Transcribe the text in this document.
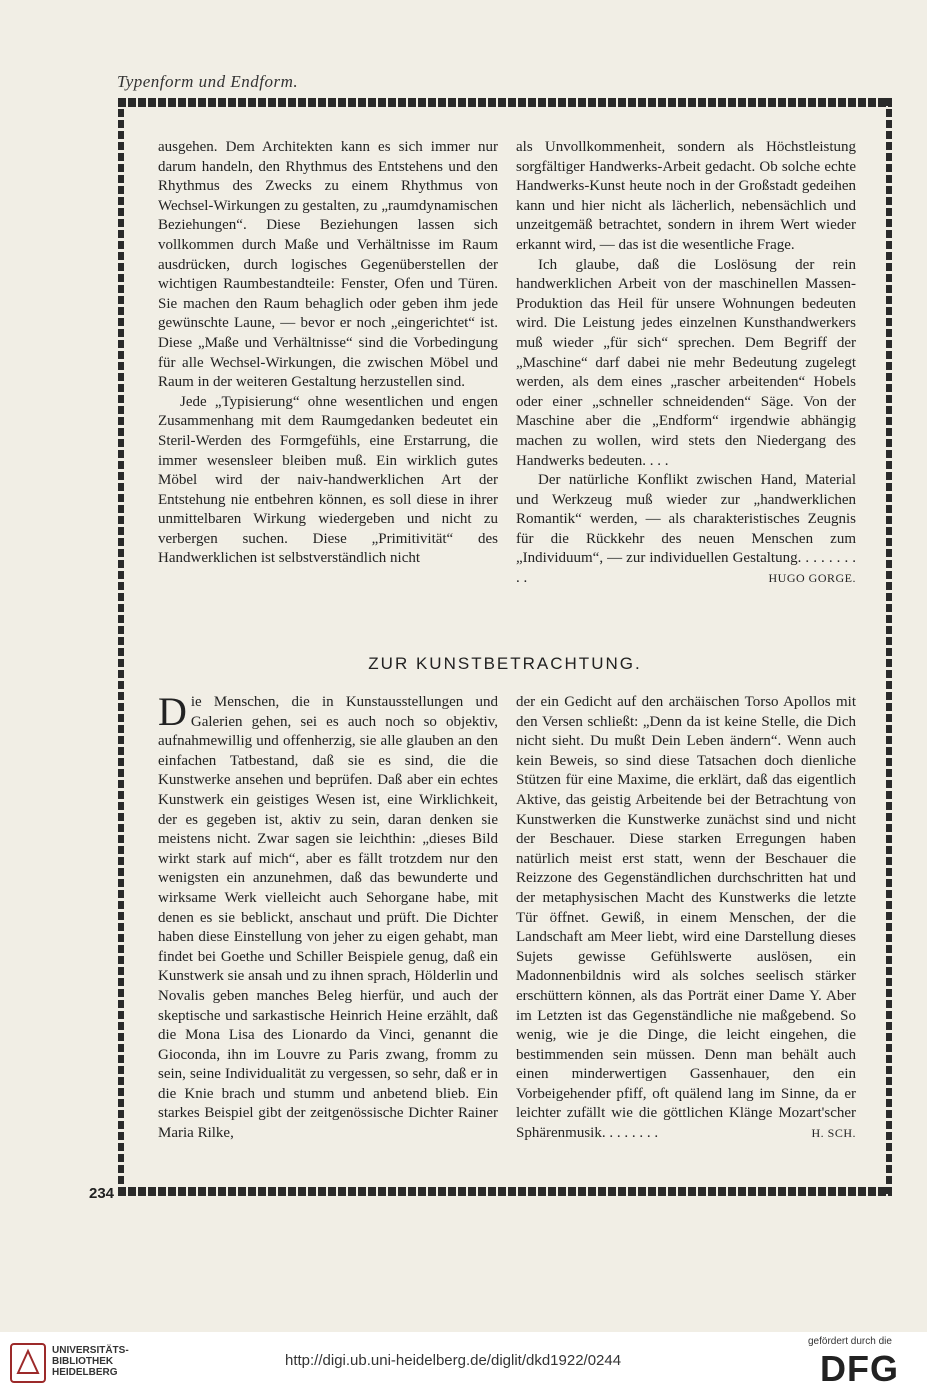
Typenform und Endform.
234

ausgehen. Dem Architekten kann es sich immer nur darum handeln, den Rhythmus des Entstehens und den Rhythmus des Zwecks zu einem Rhythmus von Wechsel-Wirkungen zu gestalten, zu „raumdynamischen Beziehungen“. Diese Beziehungen lassen sich vollkommen durch Maße und Verhältnisse im Raum ausdrücken, durch logisches Gegenüberstellen der wichtigen Raumbestandteile: Fenster, Ofen und Türen. Sie machen den Raum behaglich oder geben ihm jede gewünschte Laune, — bevor er noch „eingerichtet“ ist. Diese „Maße und Verhältnisse“ sind die Vorbedingung für alle Wechsel-Wirkungen, die zwischen Möbel und Raum in der weiteren Gestaltung herzustellen sind.

Jede „Typisierung“ ohne wesentlichen und engen Zusammenhang mit dem Raumgedanken bedeutet ein Steril-Werden des Formgefühls, eine Erstarrung, die immer wesensleer bleiben muß. Ein wirklich gutes Möbel wird der naiv-handwerklichen Art der Entstehung nie entbehren können, es soll diese in ihrer unmittelbaren Wirkung wiedergeben und nicht zu verbergen suchen. Diese „Primitivität“ des Handwerklichen ist selbstverständlich nicht

als Unvollkommenheit, sondern als Höchstleistung sorgfältiger Handwerks-Arbeit gedacht. Ob solche echte Handwerks-Kunst heute noch in der Großstadt gedeihen kann und hier nicht als lächerlich, nebensächlich und unzeitgemäß betrachtet, sondern in ihrem Wert wieder erkannt wird, — das ist die wesentliche Frage.

Ich glaube, daß die Loslösung der rein handwerklichen Arbeit von der maschinellen Massen-Produktion das Heil für unsere Wohnungen bedeuten wird. Die Leistung jedes einzelnen Kunsthandwerkers muß wieder „für sich“ sprechen. Dem Begriff der „Maschine“ darf dabei nie mehr Bedeutung zugelegt werden, als dem eines „rascher arbeitenden“ Hobels oder einer „schneller schneidenden“ Säge. Von der Maschine aber die „Endform“ irgendwie abhängig machen zu wollen, wird stets den Niedergang des Handwerks bedeuten. . . .

Der natürliche Konflikt zwischen Hand, Material und Werkzeug muß wieder zur „handwerklichen Romantik“ werden, — als charakteristisches Zeugnis für die Rückkehr des neuen Menschen zum „Individuum“, — zur individuellen Gestaltung. . . . . . . . . .	HUGO GORGE.

ZUR KUNSTBETRACHTUNG.

Die Menschen, die in Kunstausstellungen und Galerien gehen, sei es auch noch so objektiv, aufnahmewillig und offenherzig, sie alle glauben an den einfachen Tatbestand, daß sie es sind, die die Kunstwerke ansehen und beprüfen. Daß aber ein echtes Kunstwerk ein geistiges Wesen ist, eine Wirklichkeit, der es gegeben ist, aktiv zu sein, daran denken sie meistens nicht. Zwar sagen sie leichthin: „dieses Bild wirkt stark auf mich“, aber es fällt trotzdem nur den wenigsten ein anzunehmen, daß das bewunderte und wirksame Werk vielleicht auch Sehorgane habe, mit denen es sie beblickt, anschaut und prüft. Die Dichter haben diese Einstellung von jeher zu eigen gehabt, man findet bei Goethe und Schiller Beispiele genug, daß ein Kunstwerk sie ansah und zu ihnen sprach, Hölderlin und Novalis geben manches Beleg hierfür, und auch der skeptische und sarkastische Heinrich Heine erzählt, daß die Mona Lisa des Lionardo da Vinci, genannt die Gioconda, ihn im Louvre zu Paris zwang, fromm zu sein, seine Individualität zu vergessen, so sehr, daß er in die Knie brach und stumm und anbetend blieb. Ein starkes Beispiel gibt der zeitgenössische Dichter Rainer Maria Rilke,

der ein Gedicht auf den archäischen Torso Apollos mit den Versen schließt: „Denn da ist keine Stelle, die Dich nicht sieht. Du mußt Dein Leben ändern“. Wenn auch kein Beweis, so sind diese Tatsachen doch dienliche Stützen für eine Maxime, die erklärt, daß das eigentlich Aktive, das geistig Arbeitende bei der Betrachtung von Kunstwerken die Kunstwerke zunächst sind und nicht der Beschauer. Diese starken Erregungen haben natürlich meist erst statt, wenn der Beschauer die Reizzone des Gegenständlichen durchschritten hat und der metaphysischen Macht des Kunstwerks die letzte Tür öffnet. Gewiß, in einem Menschen, der die Landschaft am Meer liebt, wird eine Darstellung dieses Sujets gewisse Gefühlswerte auslösen, ein Madonnenbildnis wird als solches seelisch stärker erschüttern können, als das Porträt einer Dame Y. Aber im Letzten ist das Gegenständliche nie maßgebend. So wenig, wie je die Dinge, die leicht eingehen, die bestimmenden sein müssen. Denn man behält auch einen minderwertigen Gassenhauer, den ein Vorbeigehender pfiff, oft quälend lang im Sinne, da er leichter zufällt wie die göttlichen Klänge Mozart'scher Sphärenmusik. . . . . . . .	H. SCH.

UNIVERSITÄTS-
BIBLIOTHEK
HEIDELBERG
http://digi.ub.uni-heidelberg.de/diglit/dkd1922/0244
gefördert durch die
DFG
